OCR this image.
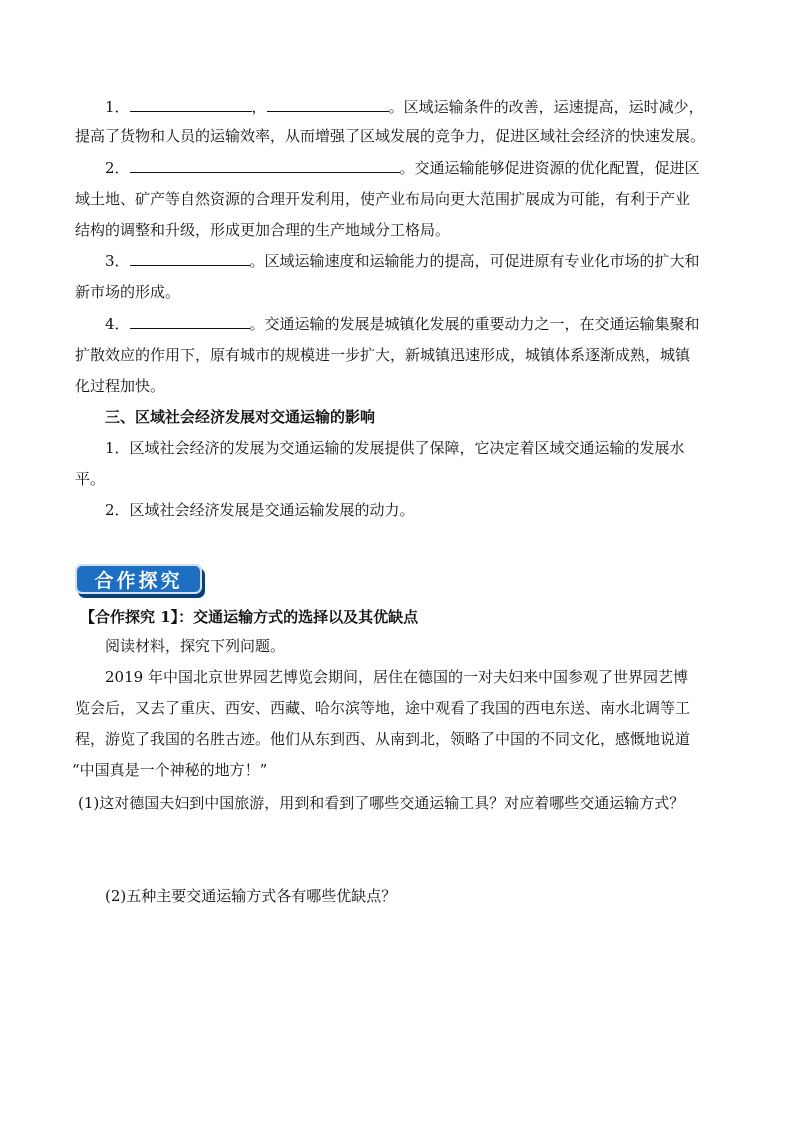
1．	，	。区域运输条件的改善，运速提高，运时减少，
提高了货物和人员的运输效率，从而增强了区域发展的竞争力，促进区域社会经济的快速发展。
2．	。交通运输能够促进资源的优化配置，促进区
域土地、矿产等自然资源的合理开发利用，使产业布局向更大范围扩展成为可能，有利于产业
结构的调整和升级，形成更加合理的生产地域分工格局。
3．	。区域运输速度和运输能力的提高，可促进原有专业化市场的扩大和
新市场的形成。
4．	。交通运输的发展是城镇化发展的重要动力之一，在交通运输集聚和
扩散效应的作用下，原有城市的规模进一步扩大，新城镇迅速形成，城镇体系逐渐成熟，城镇
化过程加快。
三、区域社会经济发展对交通运输的影响
1．区域社会经济的发展为交通运输的发展提供了保障，它决定着区域交通运输的发展水
平。
2．区域社会经济发展是交通运输发展的动力。
合作探究
【合作探究 1】：交通运输方式的选择以及其优缺点
阅读材料，探究下列问题。
2019 年中国北京世界园艺博览会期间，居住在德国的一对夫妇来中国参观了世界园艺博
览会后，又去了重庆、西安、西藏、哈尔滨等地，途中观看了我国的西电东送、南水北调等工
程，游览了我国的名胜古迹。他们从东到西、从南到北，领略了中国的不同文化，感慨地说道
“中国真是一个神秘的地方！”
(1)这对德国夫妇到中国旅游，用到和看到了哪些交通运输工具？对应着哪些交通运输方式？
(2)五种主要交通运输方式各有哪些优缺点？
